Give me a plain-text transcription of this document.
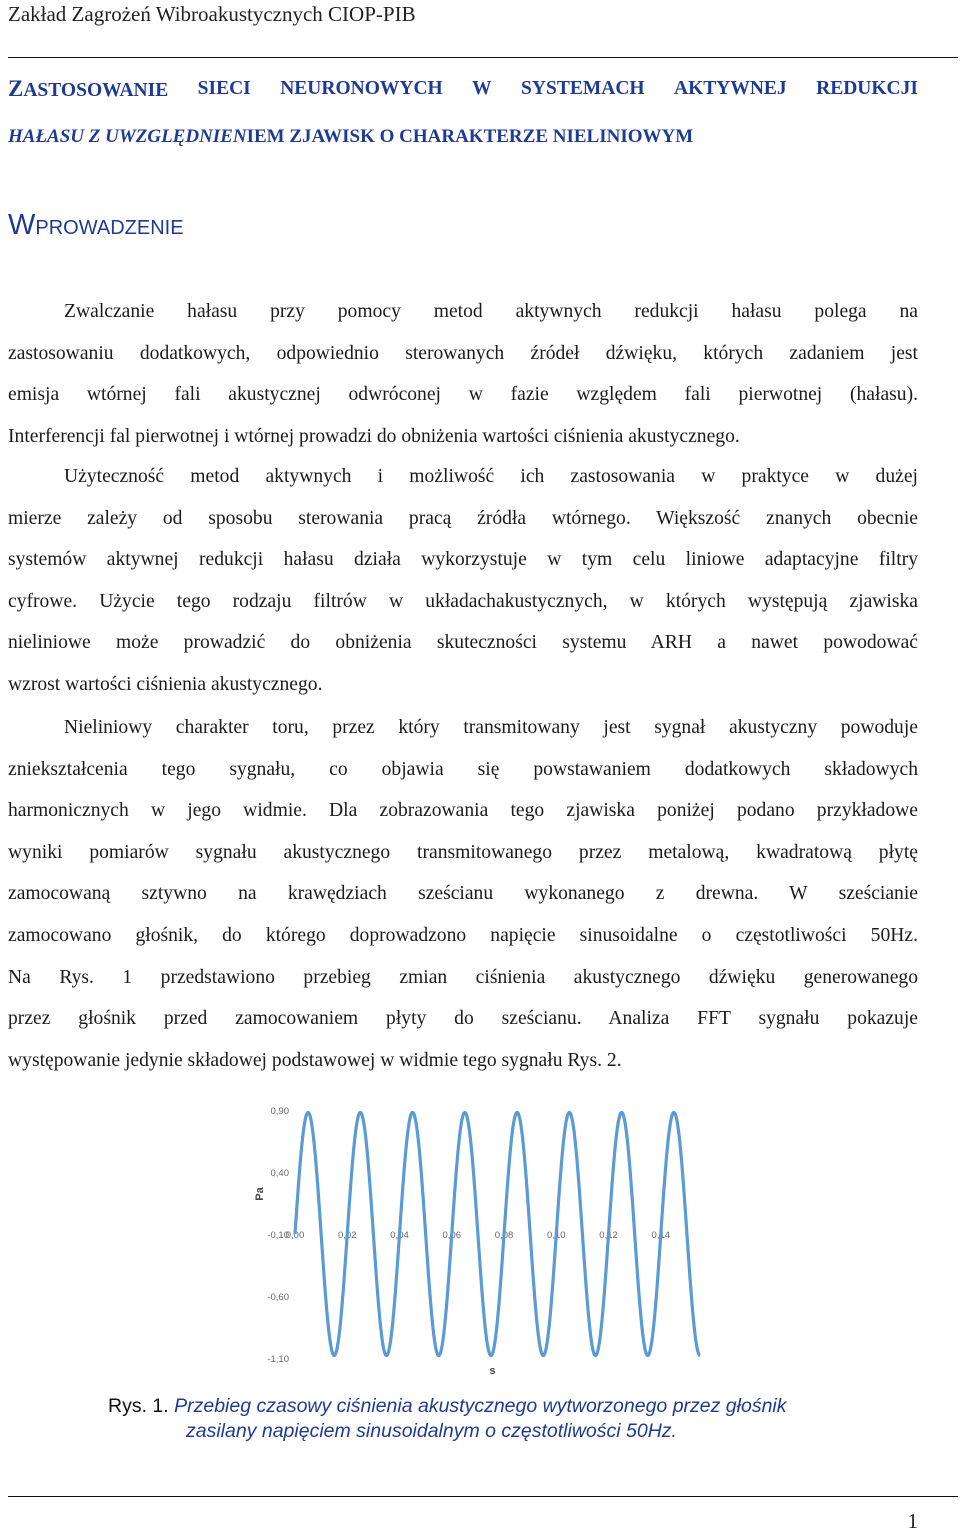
Zakład Zagrożeń Wibroakustycznych CIOP-PIB
ZASTOSOWANIE SIECI NEURONOWYCH W SYSTEMACH AKTYWNEJ REDUKCJI
HAŁASU Z UWZGLĘDNIENIEM ZJAWISK O CHARAKTERZE NIELINIOWYM
WPROWADZENIE
Zwalczanie hałasu przy pomocy metod aktywnych redukcji hałasu polega na
zastosowaniu dodatkowych, odpowiednio sterowanych źródeł dźwięku, których zadaniem jest
emisja wtórnej fali akustycznej odwróconej w fazie względem fali pierwotnej (hałasu).
Interferencji fal pierwotnej i wtórnej prowadzi do obniżenia wartości ciśnienia akustycznego.
Użyteczność metod aktywnych i możliwość ich zastosowania w praktyce w dużej
mierze zależy od sposobu sterowania pracą źródła wtórnego. Większość znanych obecnie
systemów aktywnej redukcji hałasu działa wykorzystuje w tym celu liniowe adaptacyjne filtry
cyfrowe. Użycie tego rodzaju filtrów w układachakustycznych, w których występują zjawiska
nieliniowe może prowadzić do obniżenia skuteczności systemu ARH a nawet powodować
wzrost wartości ciśnienia akustycznego.
Nieliniowy charakter toru, przez który transmitowany jest sygnał akustyczny powoduje
zniekształcenia tego sygnału, co objawia się powstawaniem dodatkowych składowych
harmonicznych w jego widmie. Dla zobrazowania tego zjawiska poniżej podano przykładowe
wyniki pomiarów sygnału akustycznego transmitowanego przez metalową, kwadratową płytę
zamocowaną sztywno na krawędziach sześcianu wykonanego z drewna. W sześcianie
zamocowano głośnik, do którego doprowadzono napięcie sinusoidalne o częstotliwości 50Hz.
Na Rys. 1 przedstawiono przebieg zmian ciśnienia akustycznego dźwięku generowanego
przez głośnik przed zamocowaniem płyty do sześcianu. Analiza FFT sygnału pokazuje
występowanie jedynie składowej podstawowej w widmie tego sygnału Rys. 2.
0,90
0,40
-0,10
-0,60
-1,10
0,00	0,02	0,04	0,06	0,08	0,10	0,12	0,14
Pa
s
Rys. 1. Przebieg czasowy ciśnienia akustycznego wytworzonego przez głośnik
zasilany napięciem sinusoidalnym o częstotliwości 50Hz.
1
